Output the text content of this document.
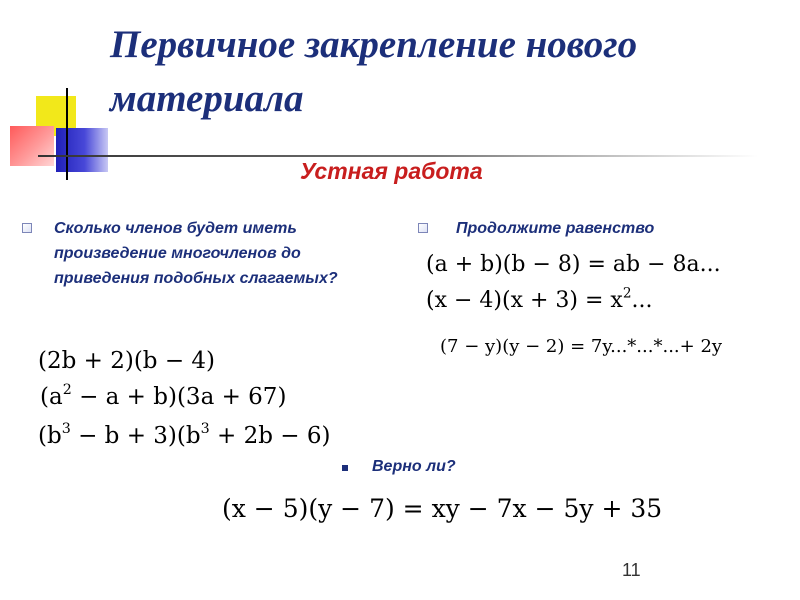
Первичное закрепление нового материала
Устная работа

Сколько членов будет иметь произведение многочленов до приведения подобных слагаемых?

(2b + 2)(b − 4)

$(a^2 - a + b)(3a + 67)$

$(b^3 - b + 3)(b^3 + 2b - 6)$

Продолжите равенство

(a + b)(b − 8) = ab − 8a...

$(x - 4)(x + 3) = x^2$...

(7 − y)(y − 2) = 7y...*...*...+ 2y

Верно ли?

(x − 5)(y − 7) = xy − 7x − 5y + 35

11
